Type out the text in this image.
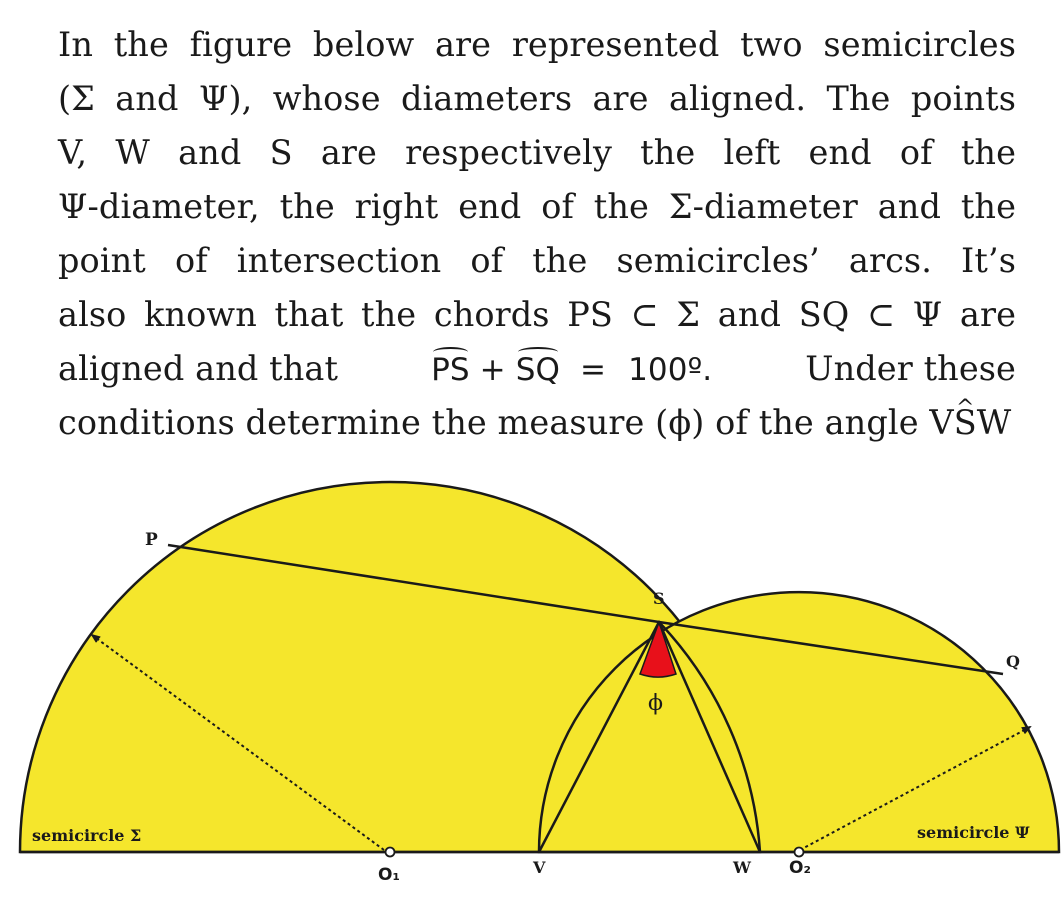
In the figure below are represented two semicircles
(Σ and Ψ), whose diameters are aligned. The points
V, W and S are respectively the left end of the
Ψ-diameter, the right end of the Σ-diameter and the
point of intersection of the semicircles’ arcs. It’s
also known that the chords PS ⊂ Σ and SQ ⊂ Ψ are
aligned and that	PS + SQ = 100º.	Under these
conditions determine the measure (ϕ) of the angle V^ SW
P
S
Q
V	W
O₁	O₂
ϕ
semicircle Σ	semicircle Ψ
